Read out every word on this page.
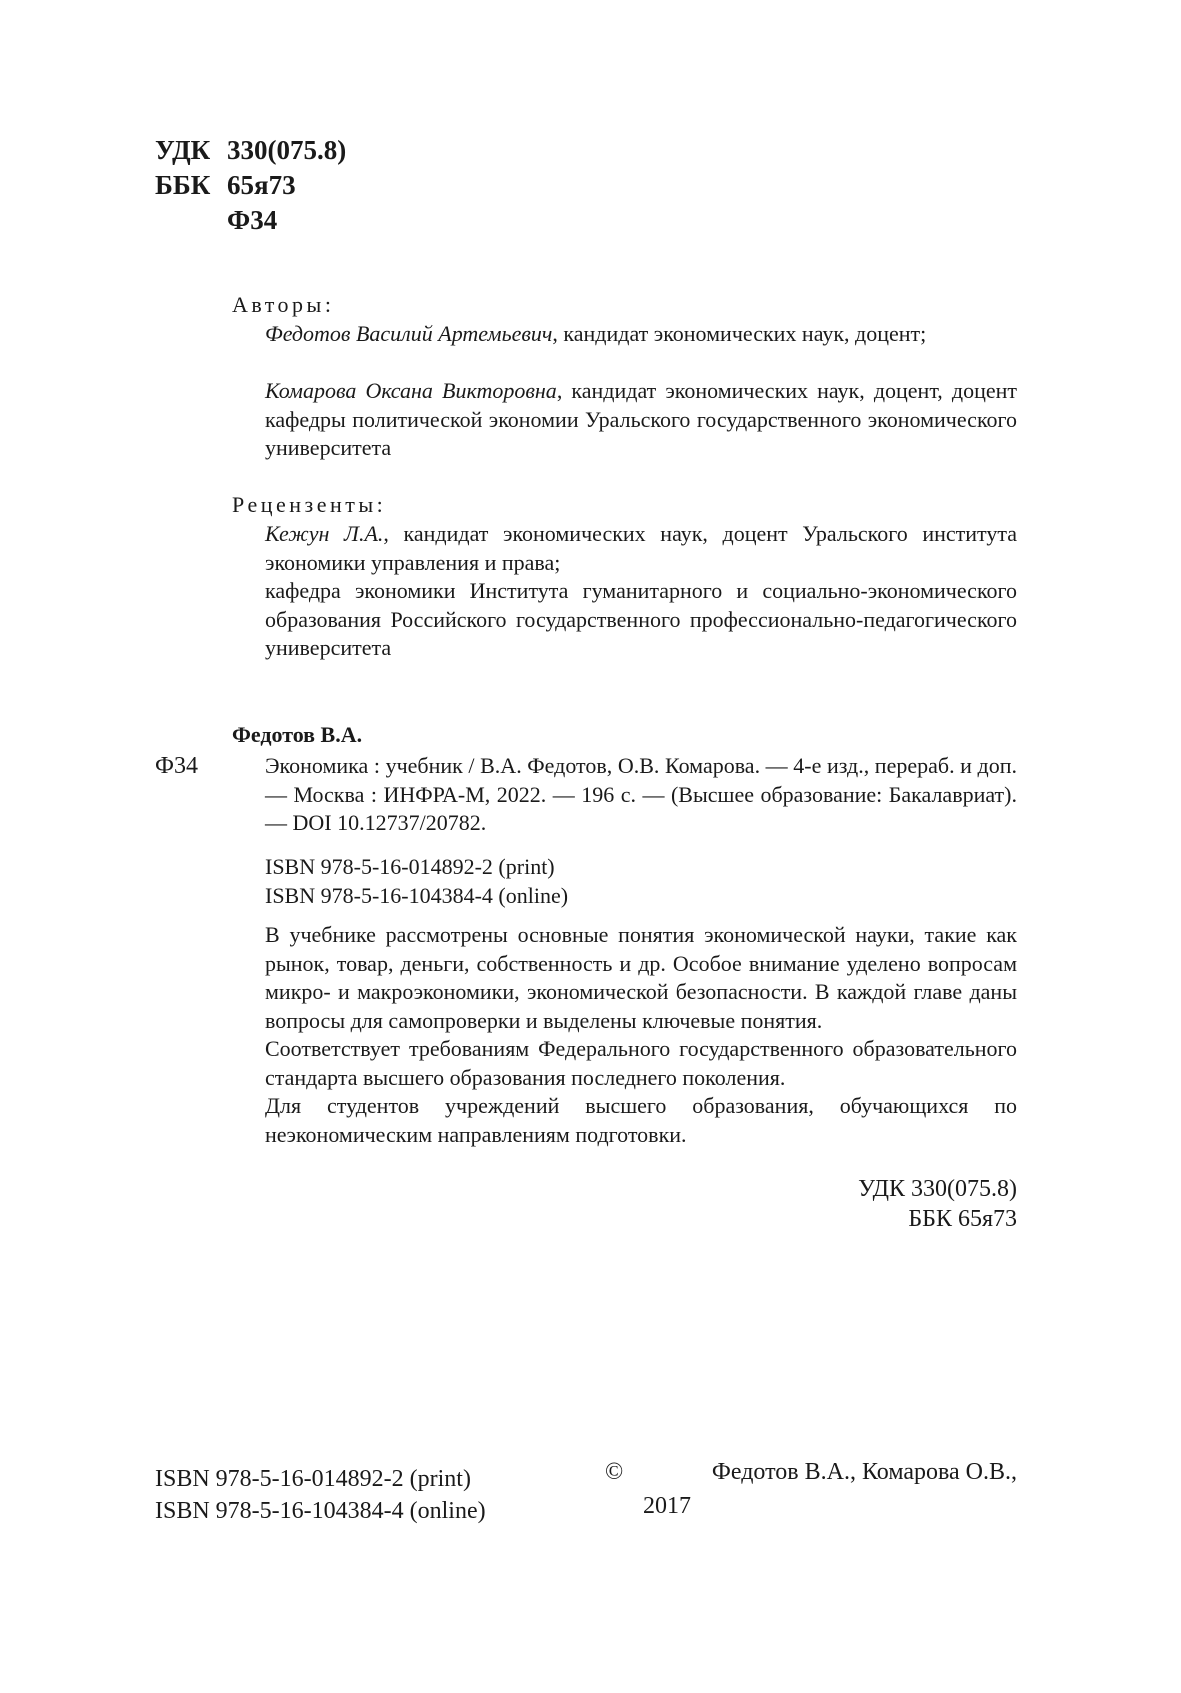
УДК 330(075.8)
ББК 65я73
Ф34
Авторы:
Федотов Василий Артемьевич, кандидат экономических наук, доцент;
Комарова Оксана Викторовна, кандидат экономических наук, доцент, доцент кафедры политической экономии Уральского государственного экономического университета
Рецензенты:
Кежун Л.А., кандидат экономических наук, доцент Уральского института экономики управления и права;
кафедра экономики Института гуманитарного и социально-экономического образования Российского государственного профессионально-педагогического университета
Федотов В.А.
Ф34	Экономика : учебник / В.А. Федотов, О.В. Комарова. — 4-е изд., перераб. и доп. — Москва : ИНФРА-М, 2022. — 196 с. — (Высшее образование: Бакалавриат). — DOI 10.12737/20782.
ISBN 978-5-16-014892-2 (print)
ISBN 978-5-16-104384-4 (online)

В учебнике рассмотрены основные понятия экономической науки, такие как рынок, товар, деньги, собственность и др. Особое внимание уделено вопросам микро- и макроэкономики, экономической безопасности. В каждой главе даны вопросы для самопроверки и выделены ключевые понятия.

Соответствует требованиям Федерального государственного образовательного стандарта высшего образования последнего поколения.

Для студентов учреждений высшего образования, обучающихся по неэкономическим направлениям подготовки.

УДК 330(075.8)
ББК 65я73
ISBN 978-5-16-014892-2 (print)
ISBN 978-5-16-104384-4 (online)
©	Федотов В.А., Комарова О.В.,
2017
